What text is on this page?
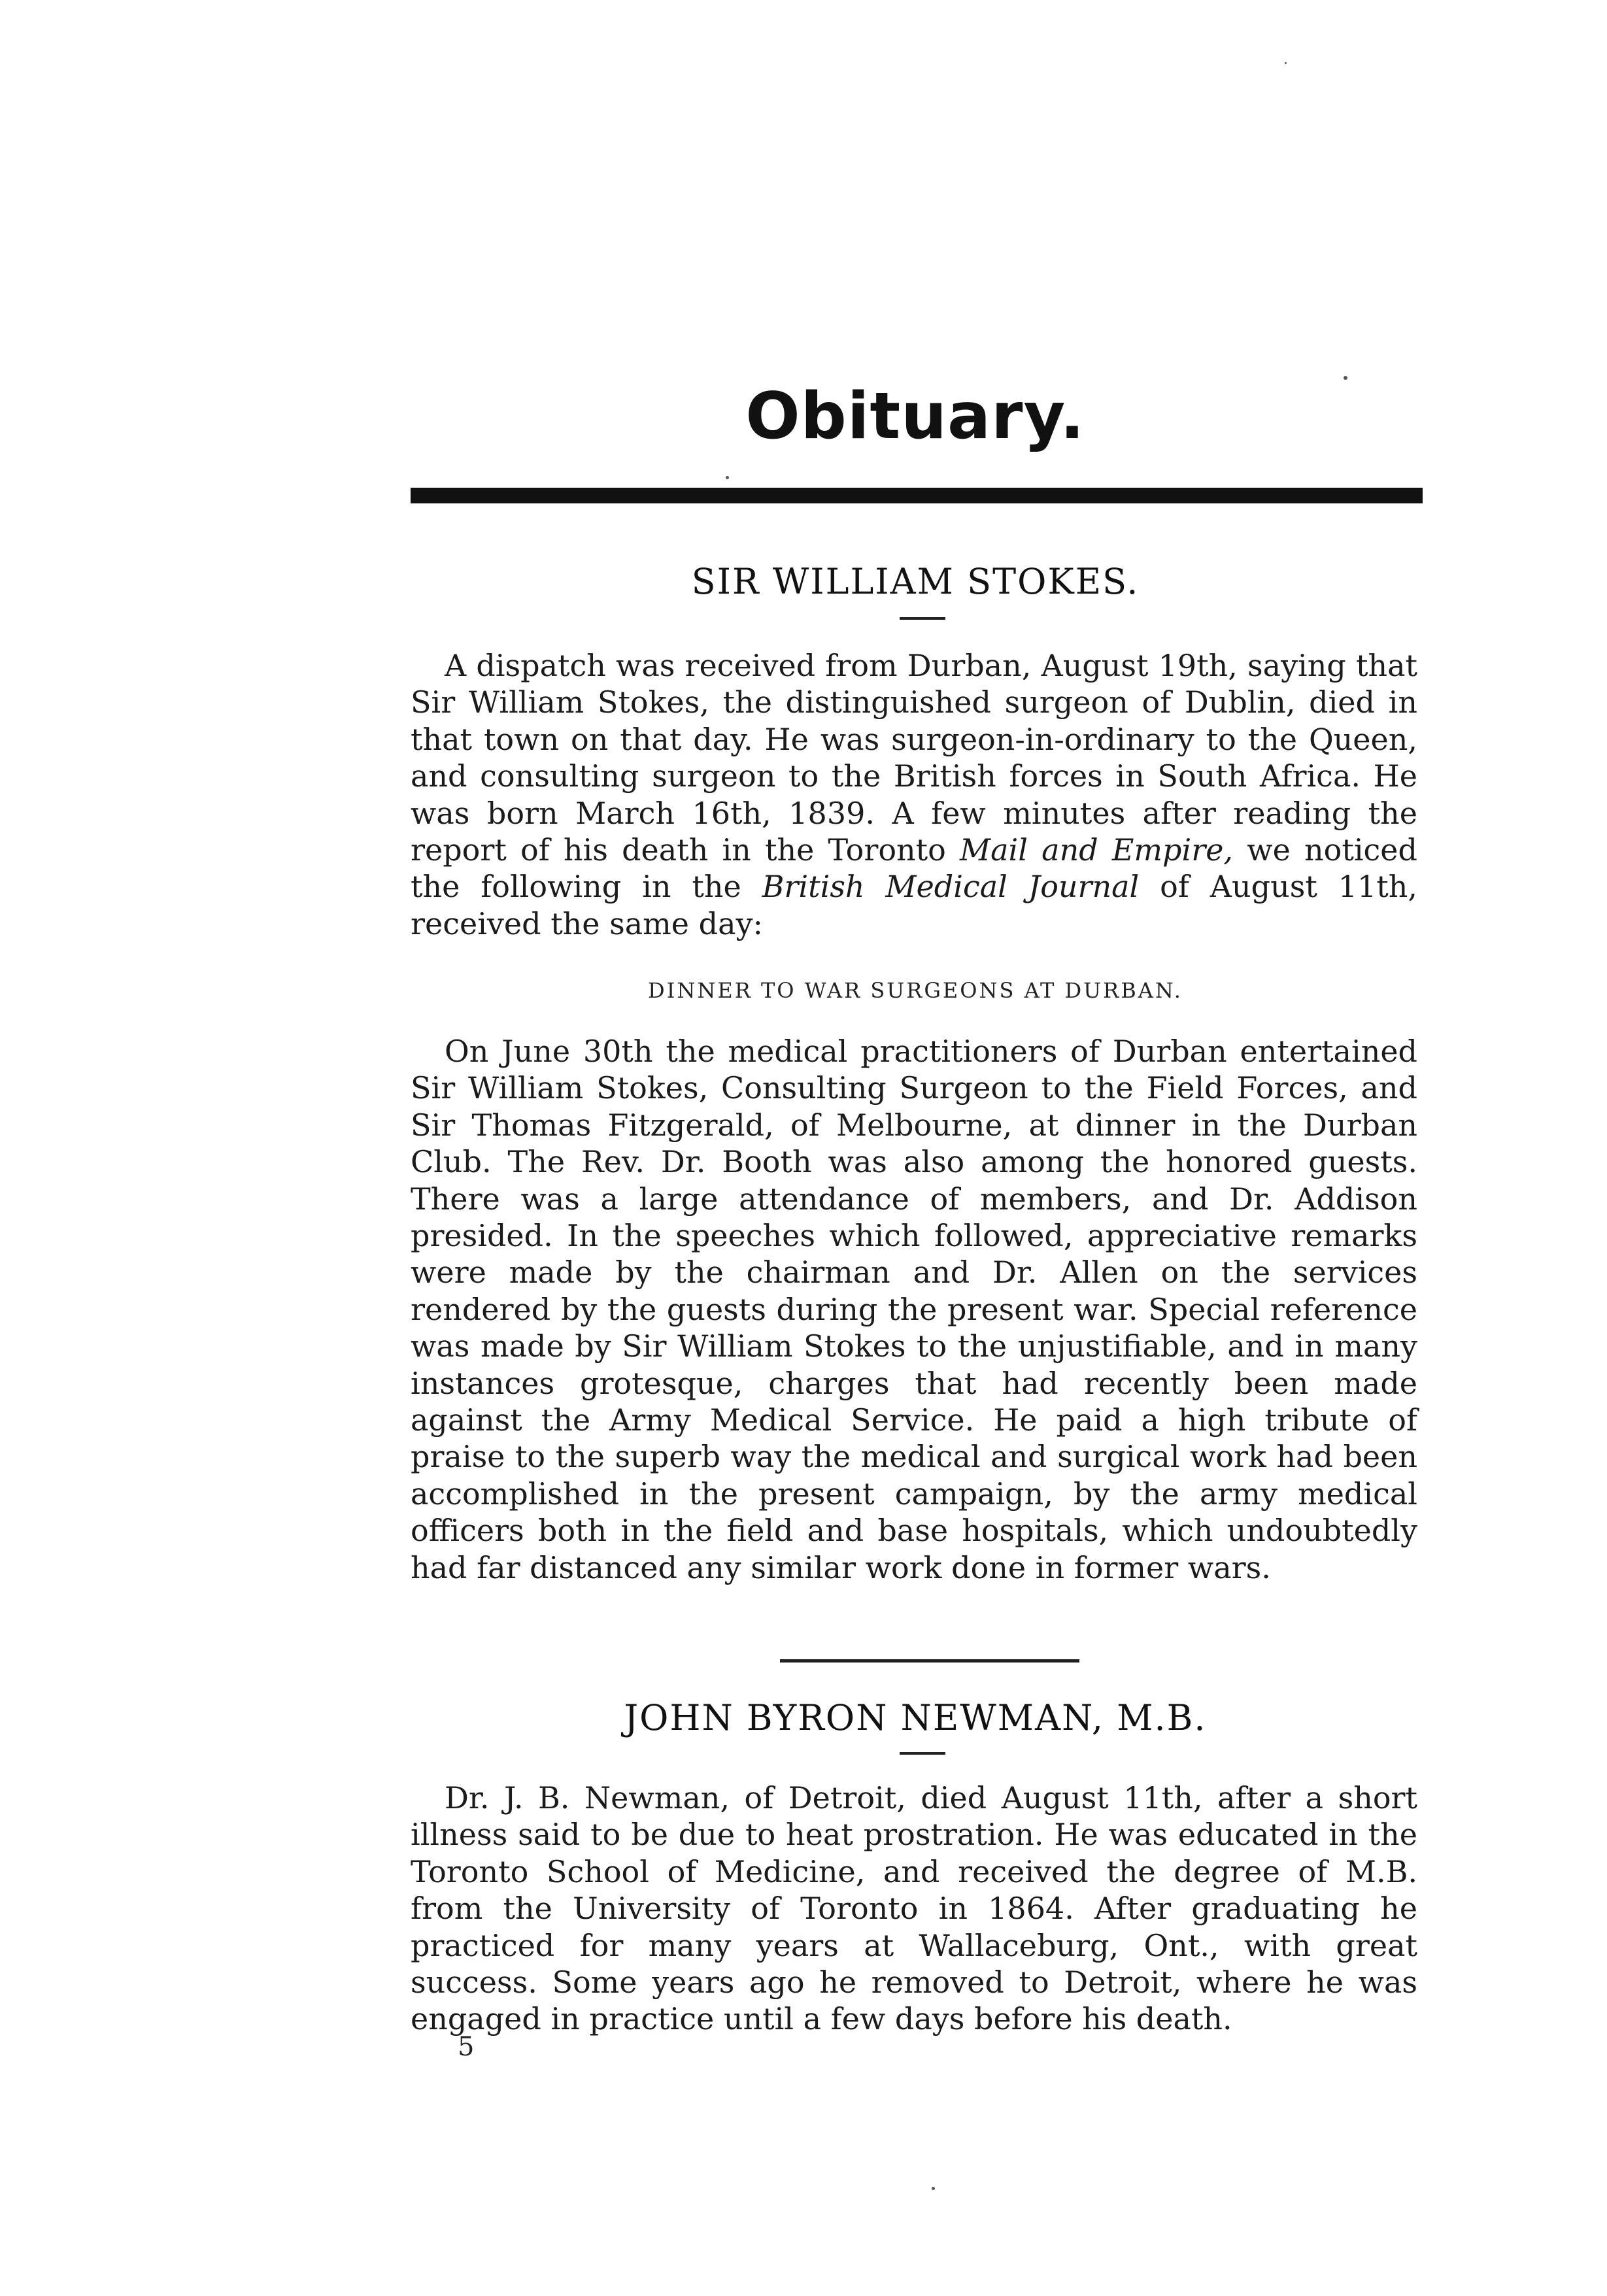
Obituary.
SIR WILLIAM STOKES.
A dispatch was received from Durban, August 19th, saying that Sir William Stokes, the distinguished surgeon of Dublin, died in that town on that day. He was surgeon-in-ordinary to the Queen, and consulting surgeon to the British forces in South Africa. He was born March 16th, 1839. A few minutes after reading the report of his death in the Toronto Mail and Empire, we noticed the following in the British Medical Journal of August 11th, received the same day:
DINNER TO WAR SURGEONS AT DURBAN.
On June 30th the medical practitioners of Durban entertained Sir William Stokes, Consulting Surgeon to the Field Forces, and Sir Thomas Fitzgerald, of Melbourne, at dinner in the Durban Club. The Rev. Dr. Booth was also among the honored guests. There was a large attendance of members, and Dr. Addison presided. In the speeches which followed, appreciative remarks were made by the chairman and Dr. Allen on the services rendered by the guests during the present war. Special reference was made by Sir William Stokes to the unjustifiable, and in many instances grotesque, charges that had recently been made against the Army Medical Service. He paid a high tribute of praise to the superb way the medical and surgical work had been accomplished in the present campaign, by the army medical officers both in the field and base hospitals, which undoubtedly had far distanced any similar work done in former wars.
JOHN BYRON NEWMAN, M.B.
Dr. J. B. Newman, of Detroit, died August 11th, after a short illness said to be due to heat prostration. He was educated in the Toronto School of Medicine, and received the degree of M.B. from the University of Toronto in 1864. After graduating he practiced for many years at Wallaceburg, Ont., with great success. Some years ago he removed to Detroit, where he was engaged in practice until a few days before his death.
5
